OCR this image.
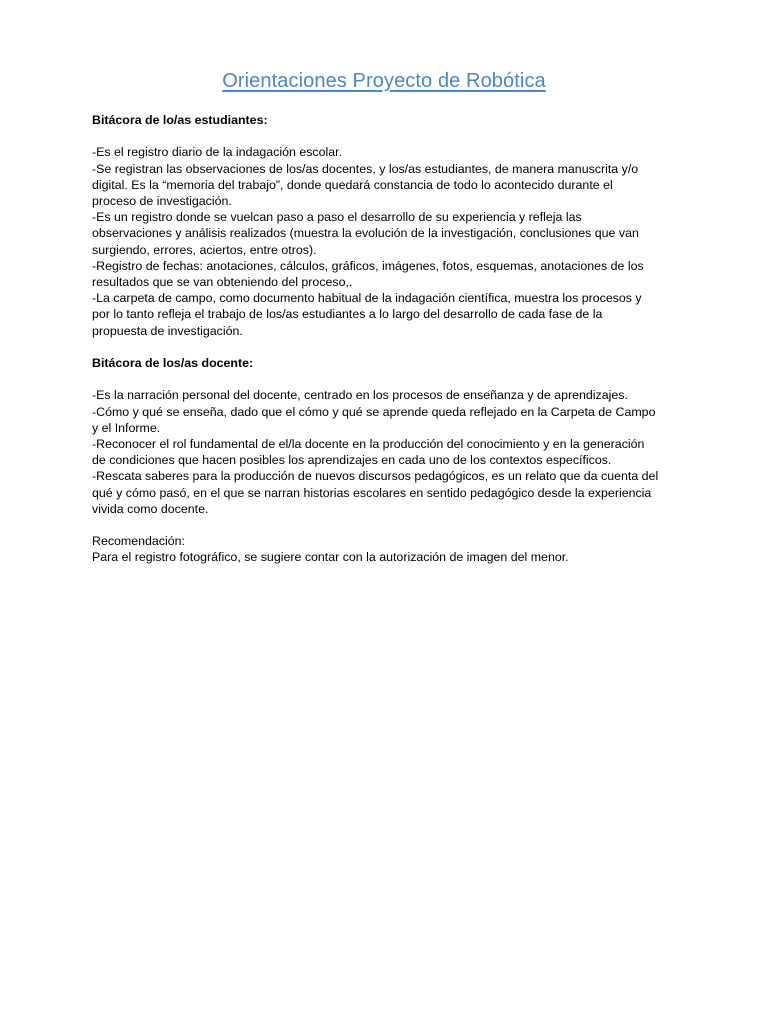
Orientaciones Proyecto de Robótica

Bitácora de lo/as estudiantes:

-Es el registro diario de la indagación escolar.

-Se registran las observaciones de los/as docentes, y los/as estudiantes, de manera manuscrita y/o

digital. Es la “memoria del trabajo”, donde quedará constancia de todo lo acontecido durante el

proceso de investigación.

-Es un registro donde se vuelcan paso a paso el desarrollo de su experiencia y refleja las

observaciones y análisis realizados (muestra la evolución de la investigación, conclusiones que van

surgiendo, errores, aciertos, entre otros).

-Registro de fechas: anotaciones, cálculos, gráficos, imágenes, fotos, esquemas, anotaciones de los

resultados que se van obteniendo del proceso,.

-La carpeta de campo, como documento habitual de la indagación científica, muestra los procesos y

por lo tanto refleja el trabajo de los/as estudiantes a lo largo del desarrollo de cada fase de la

propuesta de investigación.

Bitácora de los/as docente:

-Es la narración personal del docente, centrado en los procesos de enseñanza y de aprendizajes.

-Cómo y qué se enseña, dado que el cómo y qué se aprende queda reflejado en la Carpeta de Campo

y el Informe.

-Reconocer el rol fundamental de el/la docente en la producción del conocimiento y en la generación

de condiciones que hacen posibles los aprendizajes en cada uno de los contextos específicos.

-Rescata saberes para la producción de nuevos discursos pedagógicos, es un relato que da cuenta del

qué y cómo pasó, en el que se narran historias escolares en sentido pedagógico desde la experiencia

vivida como docente.

Recomendación:

Para el registro fotográfico, se sugiere contar con la autorización de imagen del menor.
